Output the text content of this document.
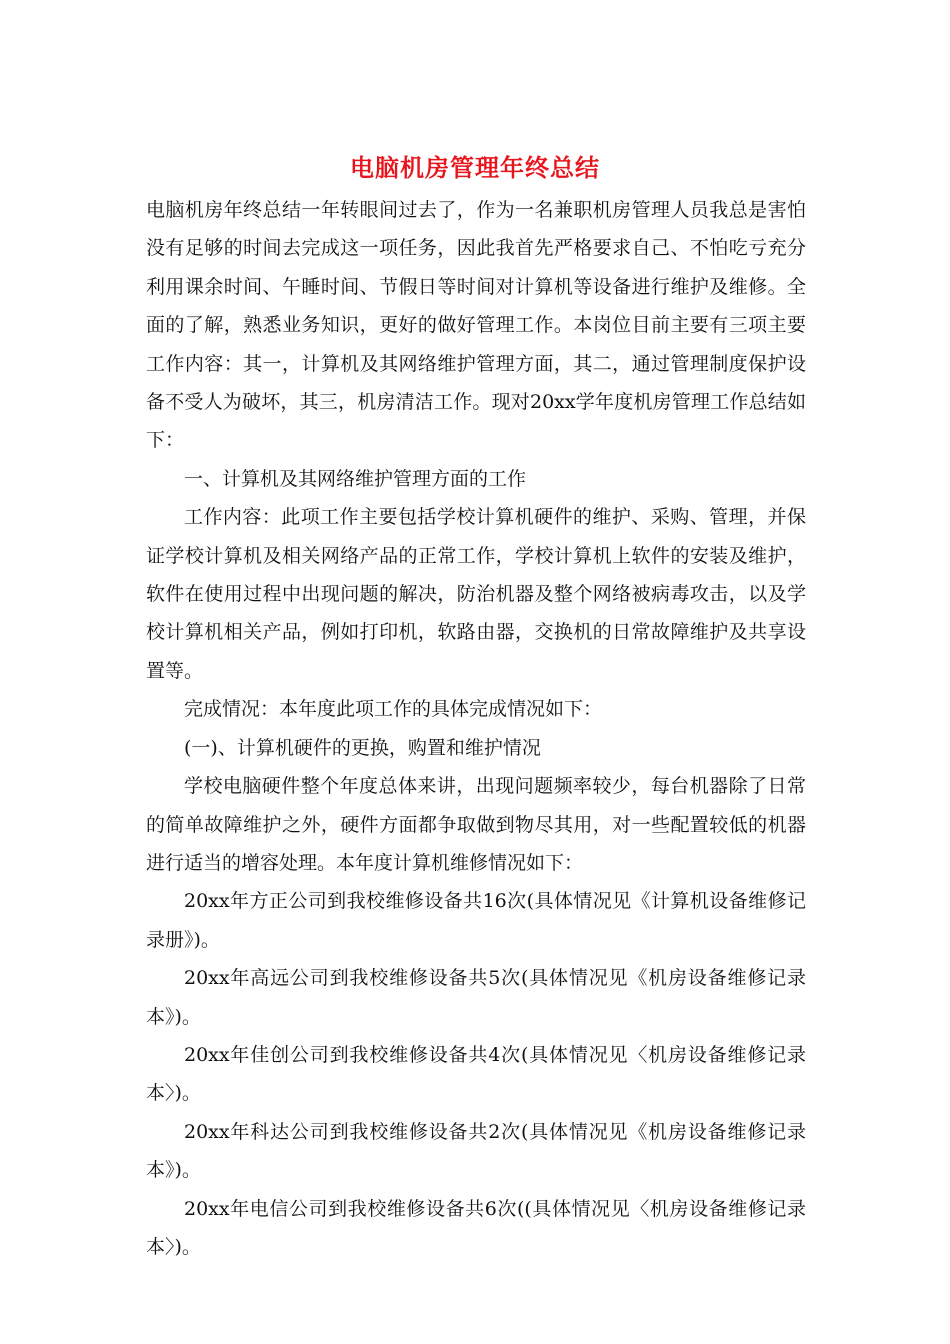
电脑机房管理年终总结

电脑机房年终总结一年转眼间过去了，作为一名兼职机房管理人员我总是害怕没有足够的时间去完成这一项任务，因此我首先严格要求自己、不怕吃亏充分利用课余时间、午睡时间、节假日等时间对计算机等设备进行维护及维修。全面的了解，熟悉业务知识，更好的做好管理工作。本岗位目前主要有三项主要工作内容：其一，计算机及其网络维护管理方面，其二，通过管理制度保护设备不受人为破坏，其三，机房清洁工作。现对20xx学年度机房管理工作总结如下：

一、计算机及其网络维护管理方面的工作

工作内容：此项工作主要包括学校计算机硬件的维护、采购、管理，并保证学校计算机及相关网络产品的正常工作，学校计算机上软件的安装及维护，软件在使用过程中出现问题的解决，防治机器及整个网络被病毒攻击，以及学校计算机相关产品，例如打印机，软路由器，交换机的日常故障维护及共享设置等。

完成情况：本年度此项工作的具体完成情况如下：

(一)、计算机硬件的更换，购置和维护情况

学校电脑硬件整个年度总体来讲，出现问题频率较少，每台机器除了日常的简单故障维护之外，硬件方面都争取做到物尽其用，对一些配置较低的机器进行适当的增容处理。本年度计算机维修情况如下：

20xx年方正公司到我校维修设备共16次(具体情况见《计算机设备维修记录册》)。

20xx年高远公司到我校维修设备共5次(具体情况见《机房设备维修记录本》)。

20xx年佳创公司到我校维修设备共4次(具体情况见〈机房设备维修记录本〉)。

20xx年科达公司到我校维修设备共2次(具体情况见《机房设备维修记录本》)。

20xx年电信公司到我校维修设备共6次((具体情况见〈机房设备维修记录本〉)。
